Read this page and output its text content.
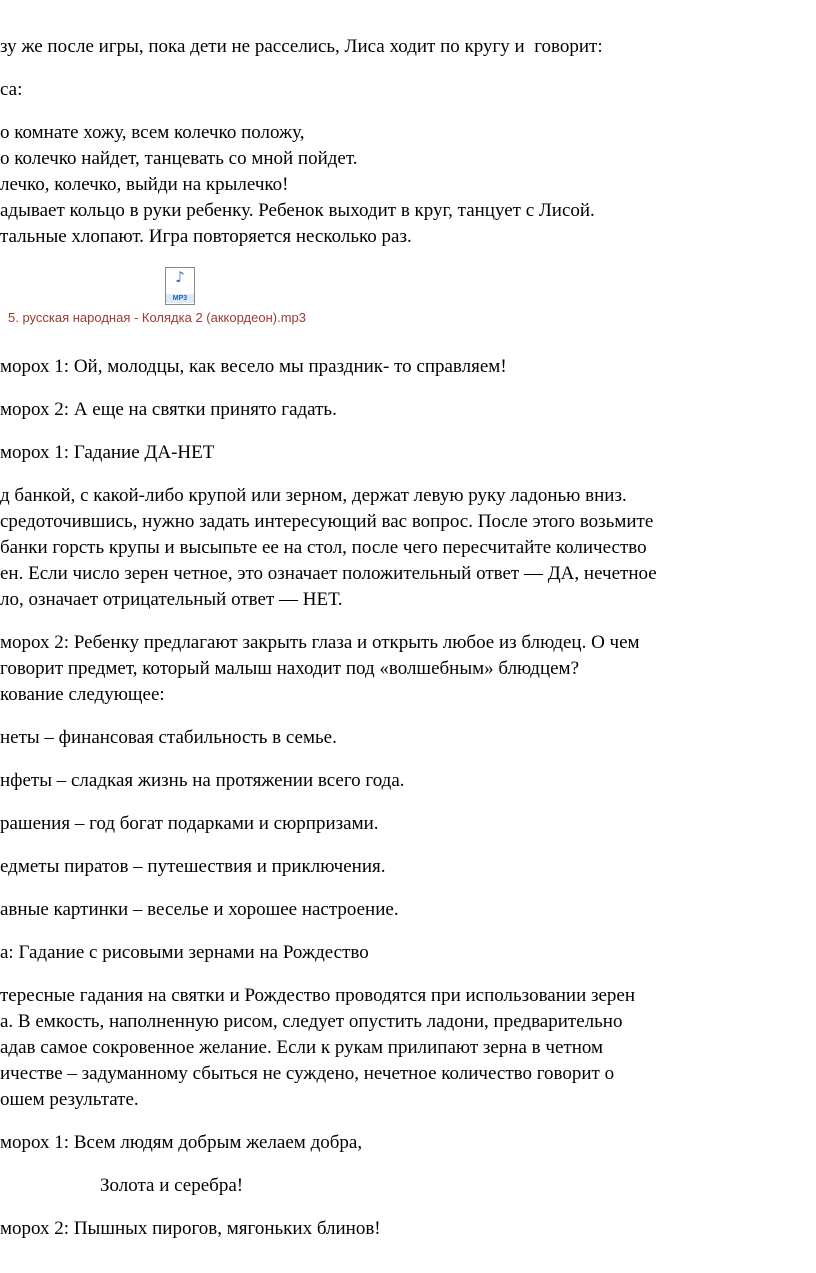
зу же после игры, пока дети не расселись, Лиса ходит по кругу и  говорит:
са:
о комнате хожу, всем колечко положу,
о колечко найдет, танцевать со мной пойдет.
лечко, колечко, выйди на крылечко!
адывает кольцо в руки ребенку. Ребенок выходит в круг, танцует с Лисой.
тальные хлопают. Игра повторяется несколько раз.
♪
MP3
5. русская народная - Колядка 2 (аккордеон).mp3
морох 1: Ой, молодцы, как весело мы праздник- то справляем!
морох 2: А еще на святки принято гадать.
морох 1: Гадание ДА-НЕТ
д банкой, с какой-либо крупой или зерном, держат левую руку ладонью вниз.
средоточившись, нужно задать интересующий вас вопрос. После этого возьмите
банки горсть крупы и высыпьте ее на стол, после чего пересчитайте количество
ен. Если число зерен четное, это означает положительный ответ — ДА, нечетное
ло, означает отрицательный ответ — НЕТ.
морох 2: Ребенку предлагают закрыть глаза и открыть любое из блюдец. О чем
говорит предмет, который малыш находит под «волшебным» блюдцем?
кование следующее:
неты – финансовая стабильность в семье.
нфеты – сладкая жизнь на протяжении всего года.
рашения – год богат подарками и сюрпризами.
едметы пиратов – путешествия и приключения.
авные картинки – веселье и хорошее настроение.
а: Гадание с рисовыми зернами на Рождество
тересные гадания на святки и Рождество проводятся при использовании зерен
а. В емкость, наполненную рисом, следует опустить ладони, предварительно
адав самое сокровенное желание. Если к рукам прилипают зерна в четном
ичестве – задуманному сбыться не суждено, нечетное количество говорит о
ошем результате.
морох 1: Всем людям добрым желаем добра,
Золота и серебра!
морох 2: Пышных пирогов, мягоньких блинов!
